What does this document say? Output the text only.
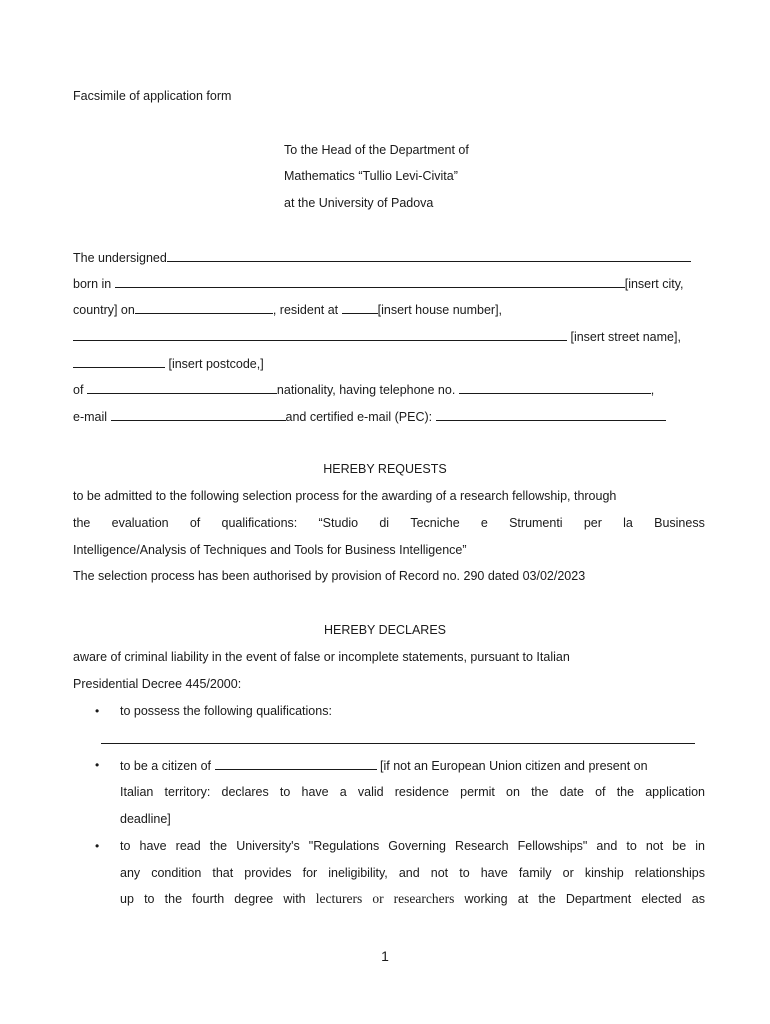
Facsimile of application form
To the Head of the Department of
Mathematics “Tullio Levi-Civita”
at the University of Padova
The undersigned
born in	[insert city,
country] on	, resident at	[insert house number],
[insert street name],
[insert postcode,]
of	nationality, having telephone no.	,
e-mail	and certified e-mail (PEC):
HEREBY REQUESTS
to be admitted to the following selection process for the awarding of a research fellowship, through
the evaluation of qualifications: “Studio di Tecniche e Strumenti per la Business
Intelligence/Analysis of Techniques and Tools for Business Intelligence”
The selection process has been authorised by provision of Record no. 290 dated 03/02/2023
HEREBY DECLARES
aware of criminal liability in the event of false or incomplete statements, pursuant to Italian
Presidential Decree 445/2000:
• to possess the following qualifications:
• to be a citizen of	[if not an European Union citizen and present on
Italian territory: declares to have a valid residence permit on the date of the application
deadline]
• to have read the University's "Regulations Governing Research Fellowships" and to not be in
any condition that provides for ineligibility, and not to have family or kinship relationships
up to the fourth degree with lecturers or researchers working at the Department elected as
1
